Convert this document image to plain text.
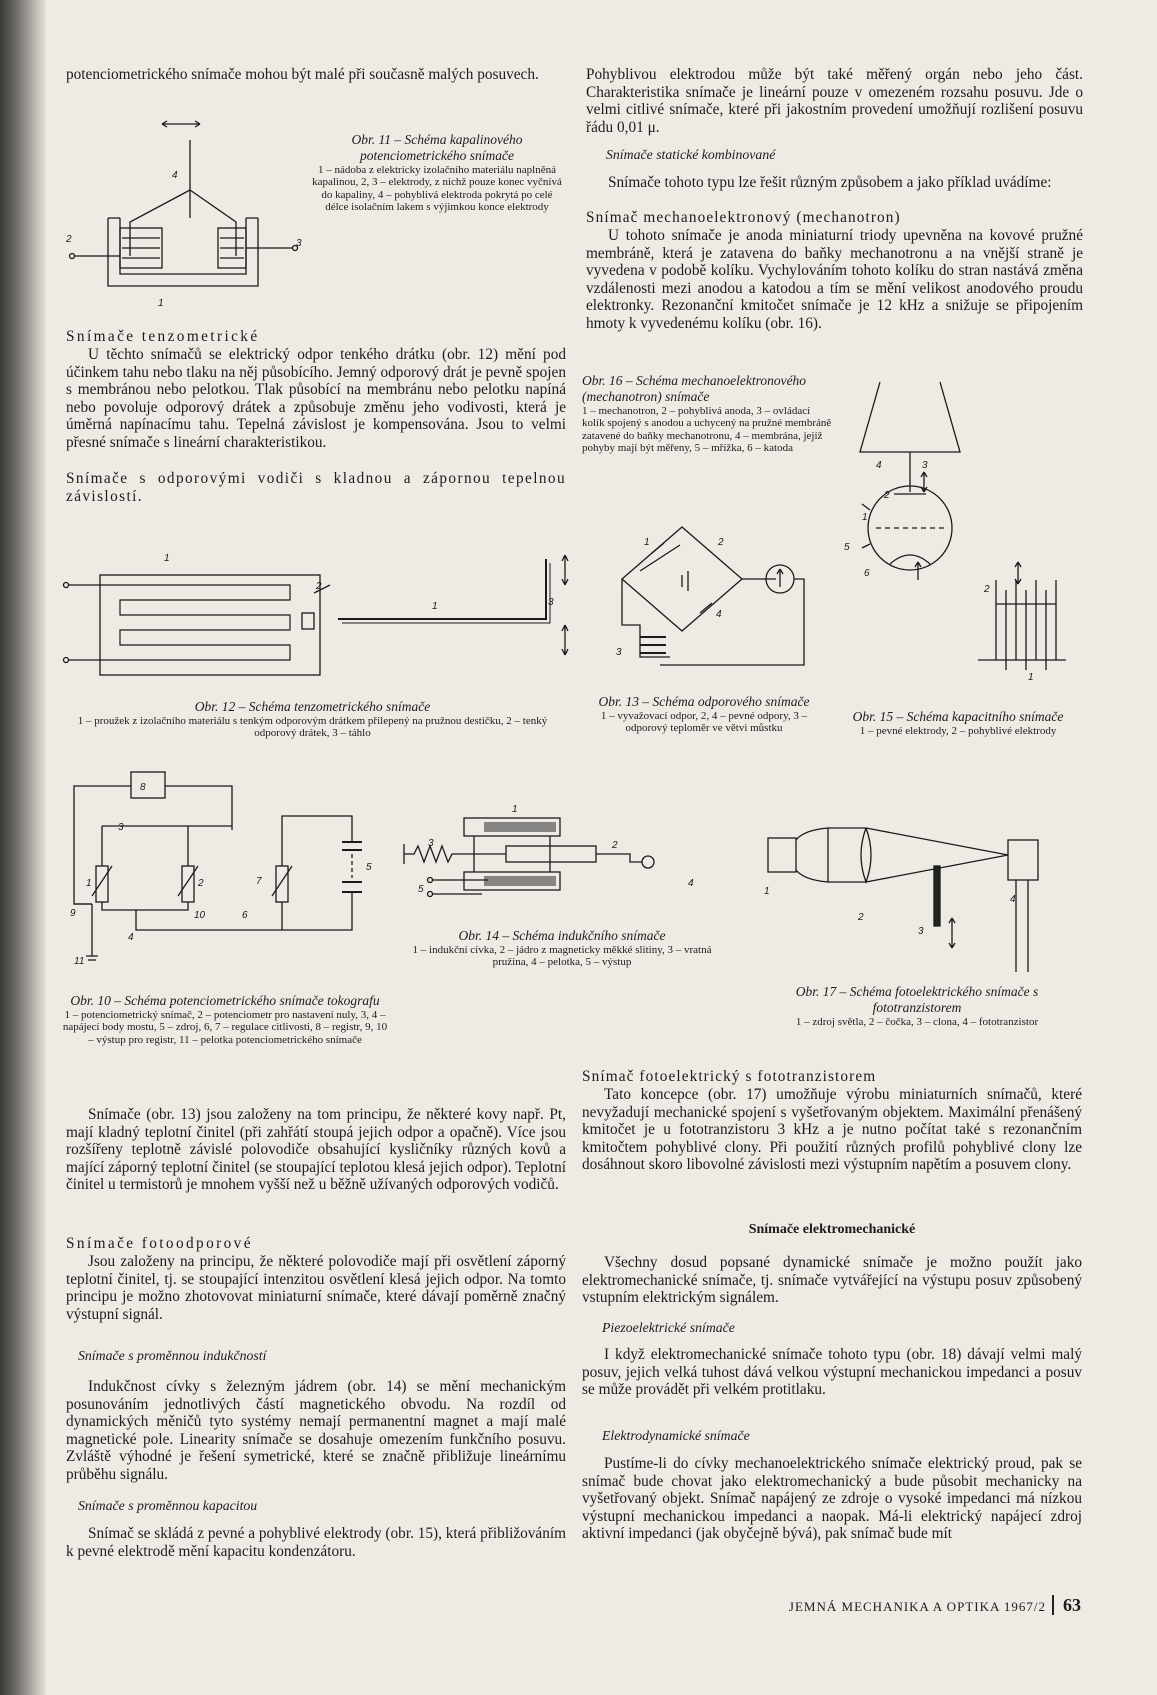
potenciometrického snímače mohou být malé při současně malých posuvech.

Snímače tenzometrické

U těchto snímačů se elektrický odpor tenkého drátku (obr. 12) mění pod účinkem tahu nebo tlaku na něj působícího. Jemný odporový drát je pevně spojen s membránou nebo pelotkou. Tlak působící na membránu nebo pelotku napíná nebo povoluje odporový drátek a způsobuje změnu jeho vodivosti, která je úměrná napínacímu tahu. Tepelná závislost je kompensována. Jsou to velmi přesné snímače s lineární charakteristikou.

Snímače s odporovými vodiči s kladnou a zápornou tepelnou závislostí.

Snímače (obr. 13) jsou založeny na tom principu, že některé kovy např. Pt, mají kladný teplotní činitel (při zahřátí stoupá jejich odpor a opačně). Více jsou rozšířeny teplotně závislé polovodiče obsahující kysličníky různých kovů a mající záporný teplotní činitel (se stoupající teplotou klesá jejich odpor). Teplotní činitel u termistorů je mnohem vyšší než u běžně užívaných odporových vodičů.

Snímače fotoodporové

Jsou založeny na principu, že některé polovodiče mají při osvětlení záporný teplotní činitel, tj. se stoupající intenzitou osvětlení klesá jejich odpor. Na tomto principu je možno zhotovovat miniaturní snímače, které dávají poměrně značný výstupní signál.

Snímače s proměnnou indukčností

Indukčnost cívky s železným jádrem (obr. 14) se mění mechanickým posunováním jednotlivých částí magnetického obvodu. Na rozdíl od dynamických měničů tyto systémy nemají permanentní magnet a mají malé magnetické pole. Linearity snímače se dosahuje omezením funkčního posuvu. Zvláště výhodné je řešení symetrické, které se značně přibližuje lineárnímu průběhu signálu.

Snímače s proměnnou kapacitou

Snímač se skládá z pevné a pohyblivé elektrody (obr. 15), která přibližováním k pevné elektrodě mění kapacitu kondenzátoru.

Pohyblivou elektrodou může být také měřený orgán nebo jeho část. Charakteristika snímače je lineární pouze v omezeném rozsahu posuvu. Jde o velmi citlivé snímače, které při jakostním provedení umožňují rozlišení posuvu řádu 0,01 μ.

Snímače statické kombinované

Snímače tohoto typu lze řešit různým způsobem a jako příklad uvádíme:

Snímač mechanoelektronový (mechanotron)

U tohoto snímače je anoda miniaturní triody upevněna na kovové pružné membráně, která je zatavena do baňky mechanotronu a na vnější straně je vyvedena v podobě kolíku. Vychylováním tohoto kolíku do stran nastává změna vzdálenosti mezi anodou a katodou a tím se mění velikost anodového proudu elektronky. Rezonanční kmitočet snímače je 12 kHz a snižuje se připojením hmoty k vyvedenému kolíku (obr. 16).

Snímač fotoelektrický s fototranzistorem

Tato koncepce (obr. 17) umožňuje výrobu miniaturních snímačů, které nevyžadují mechanické spojení s vyšetřovaným objektem. Maximální přenášený kmitočet je u fototranzistoru 3 kHz a je nutno počítat také s rezonančním kmitočtem pohyblivé clony. Při použití různých profilů pohyblivé clony lze dosáhnout skoro libovolné závislosti mezi výstupním napětím a posuvem clony.

Snímače elektromechanické

Všechny dosud popsané dynamické snímače je možno použít jako elektromechanické snímače, tj. snímače vytvářející na výstupu posuv způsobený vstupním elektrickým signálem.

Piezoelektrické snímače

I když elektromechanické snímače tohoto typu (obr. 18) dávají velmi malý posuv, jejich velká tuhost dává velkou výstupní mechanickou impedanci a posuv se může provádět při velkém protitlaku.

Elektrodynamické snímače

Pustíme-li do cívky mechanoelektrického snímače elektrický proud, pak se snímač bude chovat jako elektromechanický a bude působit mechanicky na vyšetřovaný objekt. Snímač napájený ze zdroje o vysoké impedanci má nízkou výstupní mechanickou impedanci a naopak. Má-li elektrický napájecí zdroj aktivní impedanci (jak obyčejně bývá), pak snímač bude mít

Obr. 11 – Schéma kapalinového potenciometrického snímače
1 – nádoba z elektricky izolačního materiálu naplněná kapalinou, 2, 3 – elektrody, z nichž pouze konec vyčnívá do kapaliny, 4 – pohyblivá elektroda pokrytá po celé délce isolačním lakem s výjimkou konce elektrody
Obr. 12 – Schéma tenzometrického snímače
1 – proužek z izolačního materiálu s tenkým odporovým drátkem přilepený na pružnou destičku, 2 – tenký odporový drátek, 3 – táhlo
Obr. 13 – Schéma odporového snímače
1 – vyvažovací odpor, 2, 4 – pevné odpory, 3 – odporový teploměr ve větvi můstku
Obr. 15 – Schéma kapacitního snímače
1 – pevné elektrody, 2 – pohyblivé elektrody
Obr. 16 – Schéma mechanoelektronového (mechanotron) snímače
1 – mechanotron, 2 – pohyblivá anoda, 3 – ovládací kolík spojený s anodou a uchycený na pružné membráně zatavené do baňky mechanotronu, 4 – membrána, jejíž pohyby mají být měřeny, 5 – mřížka, 6 – katoda
Obr. 14 – Schéma indukčního snímače
1 – indukční cívka, 2 – jádro z magneticky měkké slitiny, 3 – vratná pružina, 4 – pelotka, 5 – výstup
Obr. 10 – Schéma potenciometrického snímače tokografu
1 – potenciometrický snímač, 2 – potenciometr pro nastavení nuly, 3, 4 – napájecí body mostu, 5 – zdroj, 6, 7 – regulace citlivosti, 8 – registr, 9, 10 – výstup pro registr, 11 – pelotka potenciometrického snímače
Obr. 17 – Schéma fotoelektrického snímače s fototranzistorem
1 – zdroj světla, 2 – čočka, 3 – clona, 4 – fototranzistor
4
2	3
1
1
2
1	3
1	2
4
3
2
1
4	3
2
1
5
6
8
3
1	2	7
9	10	6
4
5
11
1
2
3
4
5	1
2
3
4
JEMNÁ MECHANIKA A OPTIKA 1967/2 63
